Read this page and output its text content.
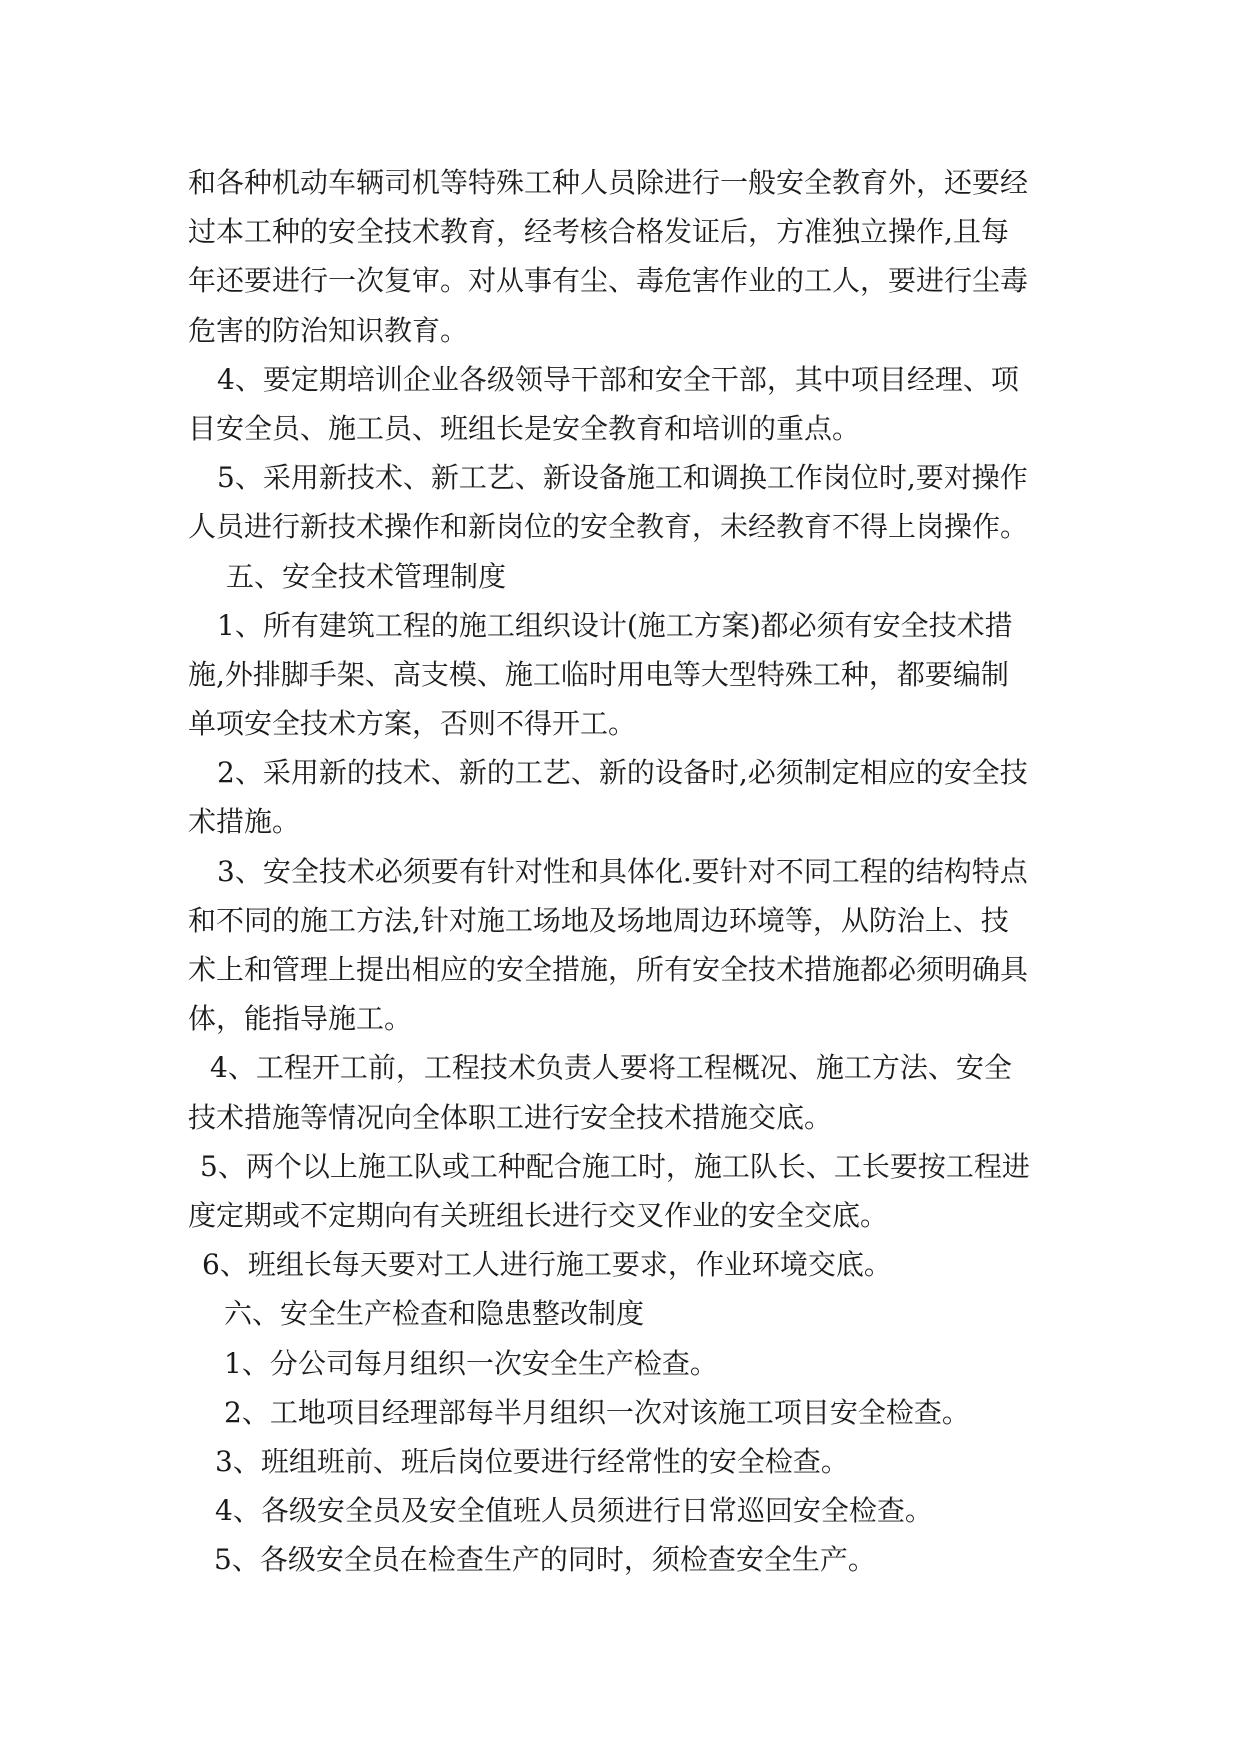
和各种机动车辆司机等特殊工种人员除进行一般安全教育外，还要经
过本工种的安全技术教育，经考核合格发证后，方准独立操作,且每
年还要进行一次复审。对从事有尘、毒危害作业的工人，要进行尘毒
危害的防治知识教育。
4、要定期培训企业各级领导干部和安全干部，其中项目经理、项
目安全员、施工员、班组长是安全教育和培训的重点。
5、采用新技术、新工艺、新设备施工和调换工作岗位时,要对操作
人员进行新技术操作和新岗位的安全教育，未经教育不得上岗操作。
五、安全技术管理制度
1、所有建筑工程的施工组织设计(施工方案)都必须有安全技术措
施,外排脚手架、高支模、施工临时用电等大型特殊工种，都要编制
单项安全技术方案，否则不得开工。
2、采用新的技术、新的工艺、新的设备时,必须制定相应的安全技
术措施。
3、安全技术必须要有针对性和具体化.要针对不同工程的结构特点
和不同的施工方法,针对施工场地及场地周边环境等，从防治上、技
术上和管理上提出相应的安全措施，所有安全技术措施都必须明确具
体，能指导施工。
4、工程开工前，工程技术负责人要将工程概况、施工方法、安全
技术措施等情况向全体职工进行安全技术措施交底。
5、两个以上施工队或工种配合施工时，施工队长、工长要按工程进
度定期或不定期向有关班组长进行交叉作业的安全交底。
6、班组长每天要对工人进行施工要求，作业环境交底。
六、安全生产检查和隐患整改制度
1、分公司每月组织一次安全生产检查。
2、工地项目经理部每半月组织一次对该施工项目安全检查。
3、班组班前、班后岗位要进行经常性的安全检查。
4、各级安全员及安全值班人员须进行日常巡回安全检查。
5、各级安全员在检查生产的同时，须检查安全生产。
